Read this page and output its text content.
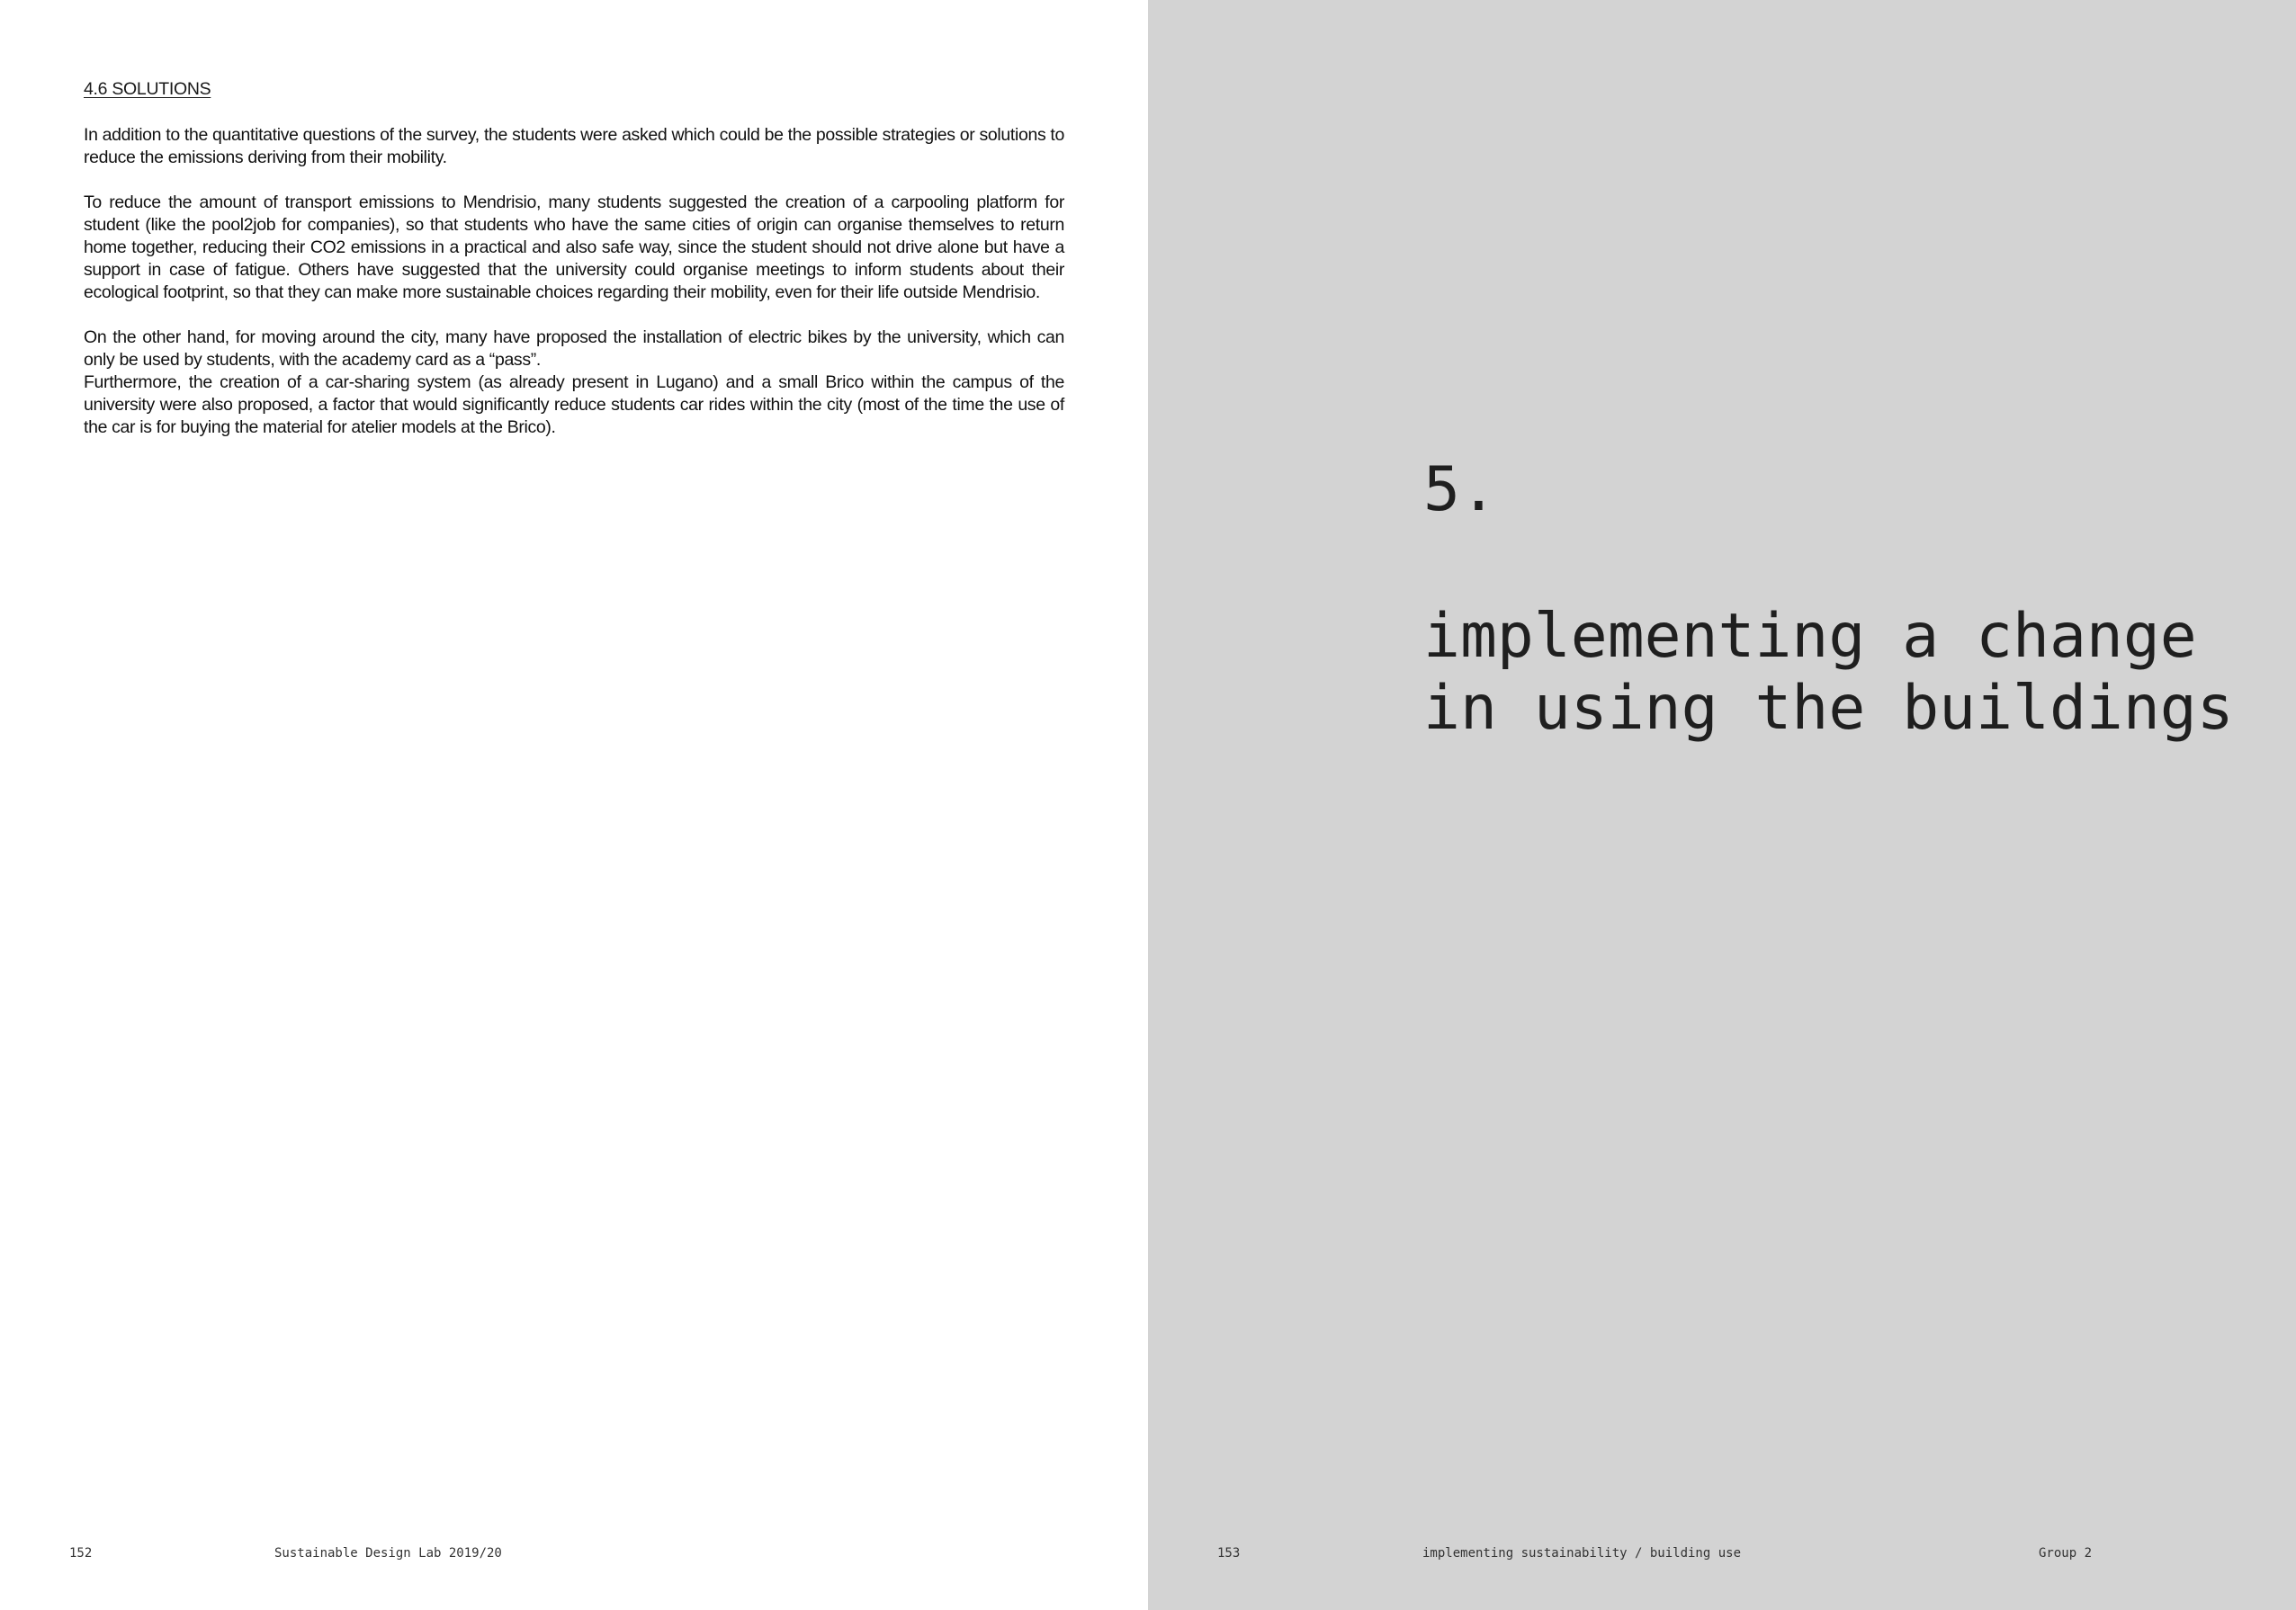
4.6 SOLUTIONS

In addition to the quantitative questions of the survey, the students were asked which could be the possible strategies or solutions to reduce the emissions deriving from their mobility.

To reduce the amount of transport emissions to Mendrisio, many students suggested the creation of a carpooling platform for student (like the pool2job for companies), so that students who have the same cities of origin can organise themselves to return home together, reducing their CO2 emissions in a practical and also safe way, since the student should not drive alone but have a support in case of fatigue. Others have suggested that the university could organise meetings to inform students about their ecological footprint, so that they can make more sustainable choices regarding their mobility, even for their life outside Mendrisio.

On the other hand, for moving around the city, many have proposed the installation of electric bikes by the university, which can only be used by students, with the academy card as a “pass”.

Furthermore, the creation of a car-sharing system (as already present in Lugano) and a small Brico within the campus of the university were also proposed, a factor that would significantly reduce students car rides within the city (most of the time the use of the car is for buying the material for atelier models at the Brico).

152	Sustainable Design Lab 2019/20
5.
implementing a change
in using the buildings
153	implementing sustainability / building use	Group 2
